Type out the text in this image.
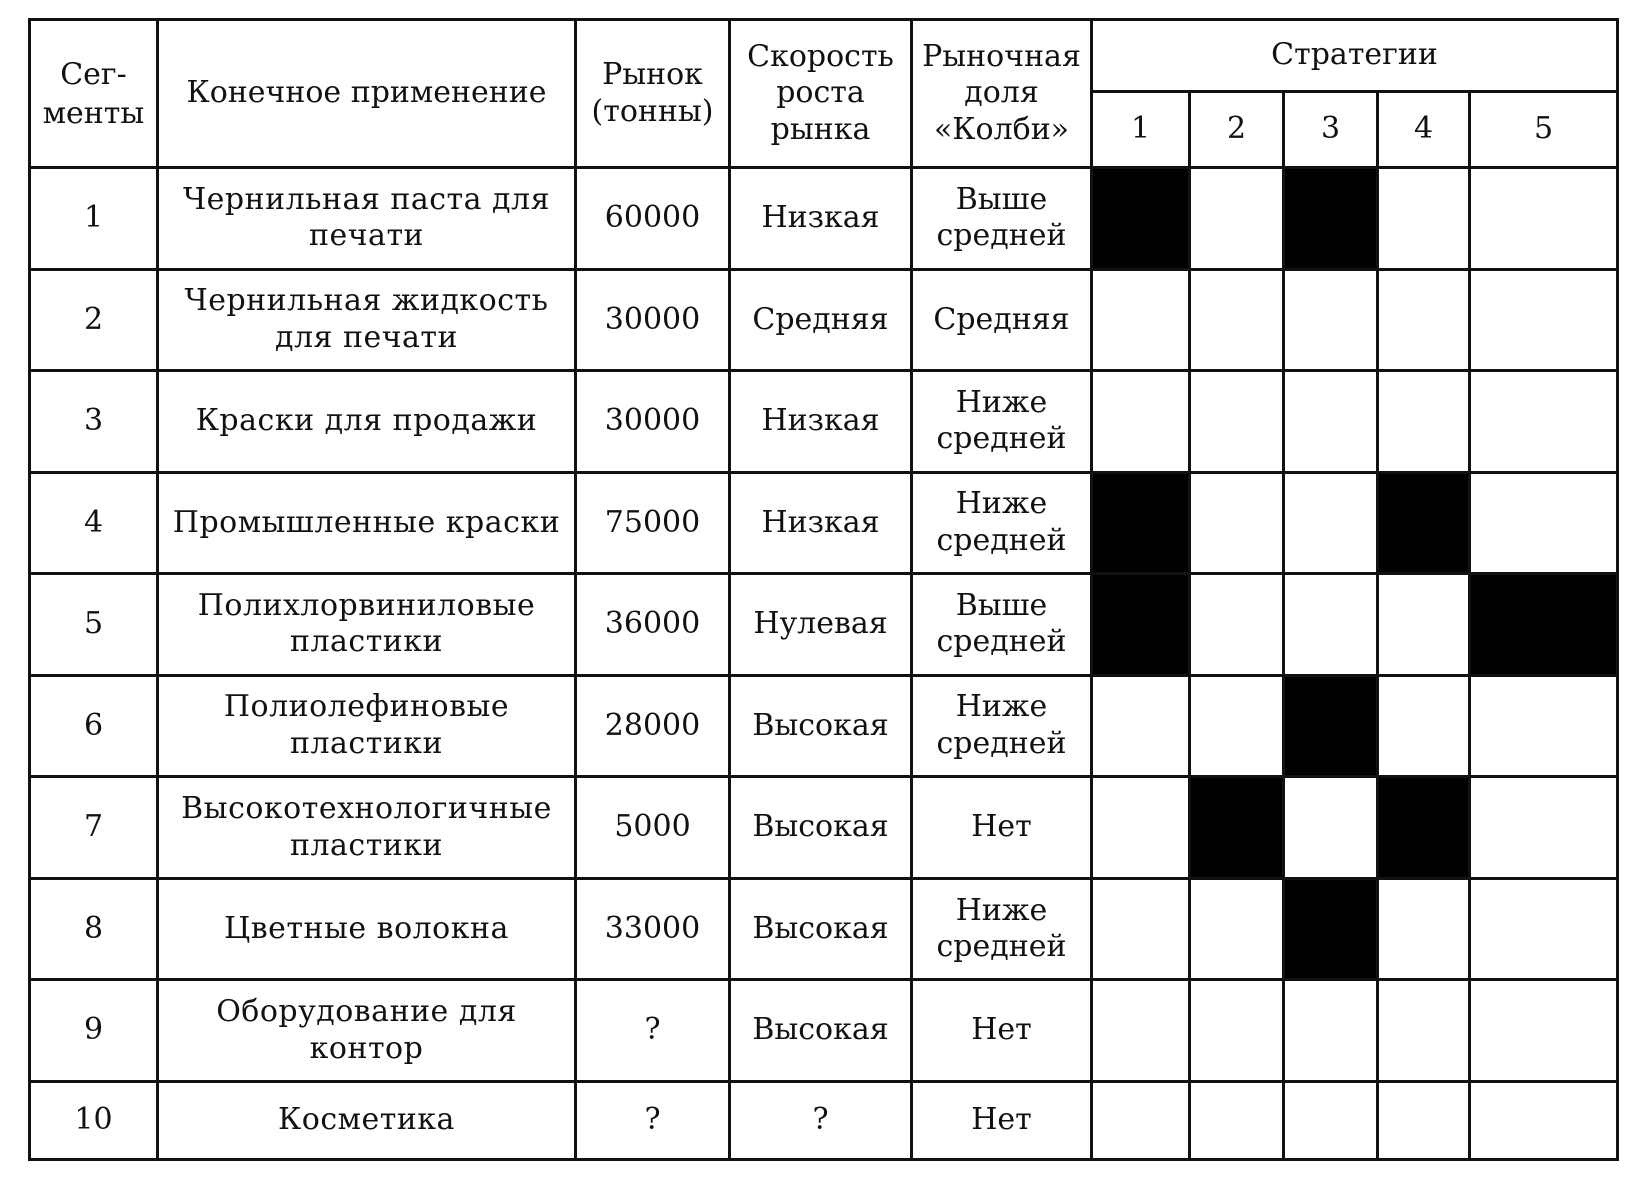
Сег-менты	Конечное применение	Рынок (тонны)	Скорость роста рынка	Рыночная доля «Колби»	Стратегии				
					1	2	3	4	5
1	Чернильная паста для печати	60000	Низкая	Выше средней					
2	Чернильная жидкость для печати	30000	Средняя	Средняя					
3	Краски для продажи	30000	Низкая	Ниже средней					
4	Промышленные краски	75000	Низкая	Ниже средней					
5	Полихлорвиниловые пластики	36000	Нулевая	Выше средней					
6	Полиолефиновые пластики	28000	Высокая	Ниже средней					
7	Высокотехнологичные пластики	5000	Высокая	Нет					
8	Цветные волокна	33000	Высокая	Ниже средней					
9	Оборудование для контор	?	Высокая	Нет					
10	Косметика	?	?	Нет					
